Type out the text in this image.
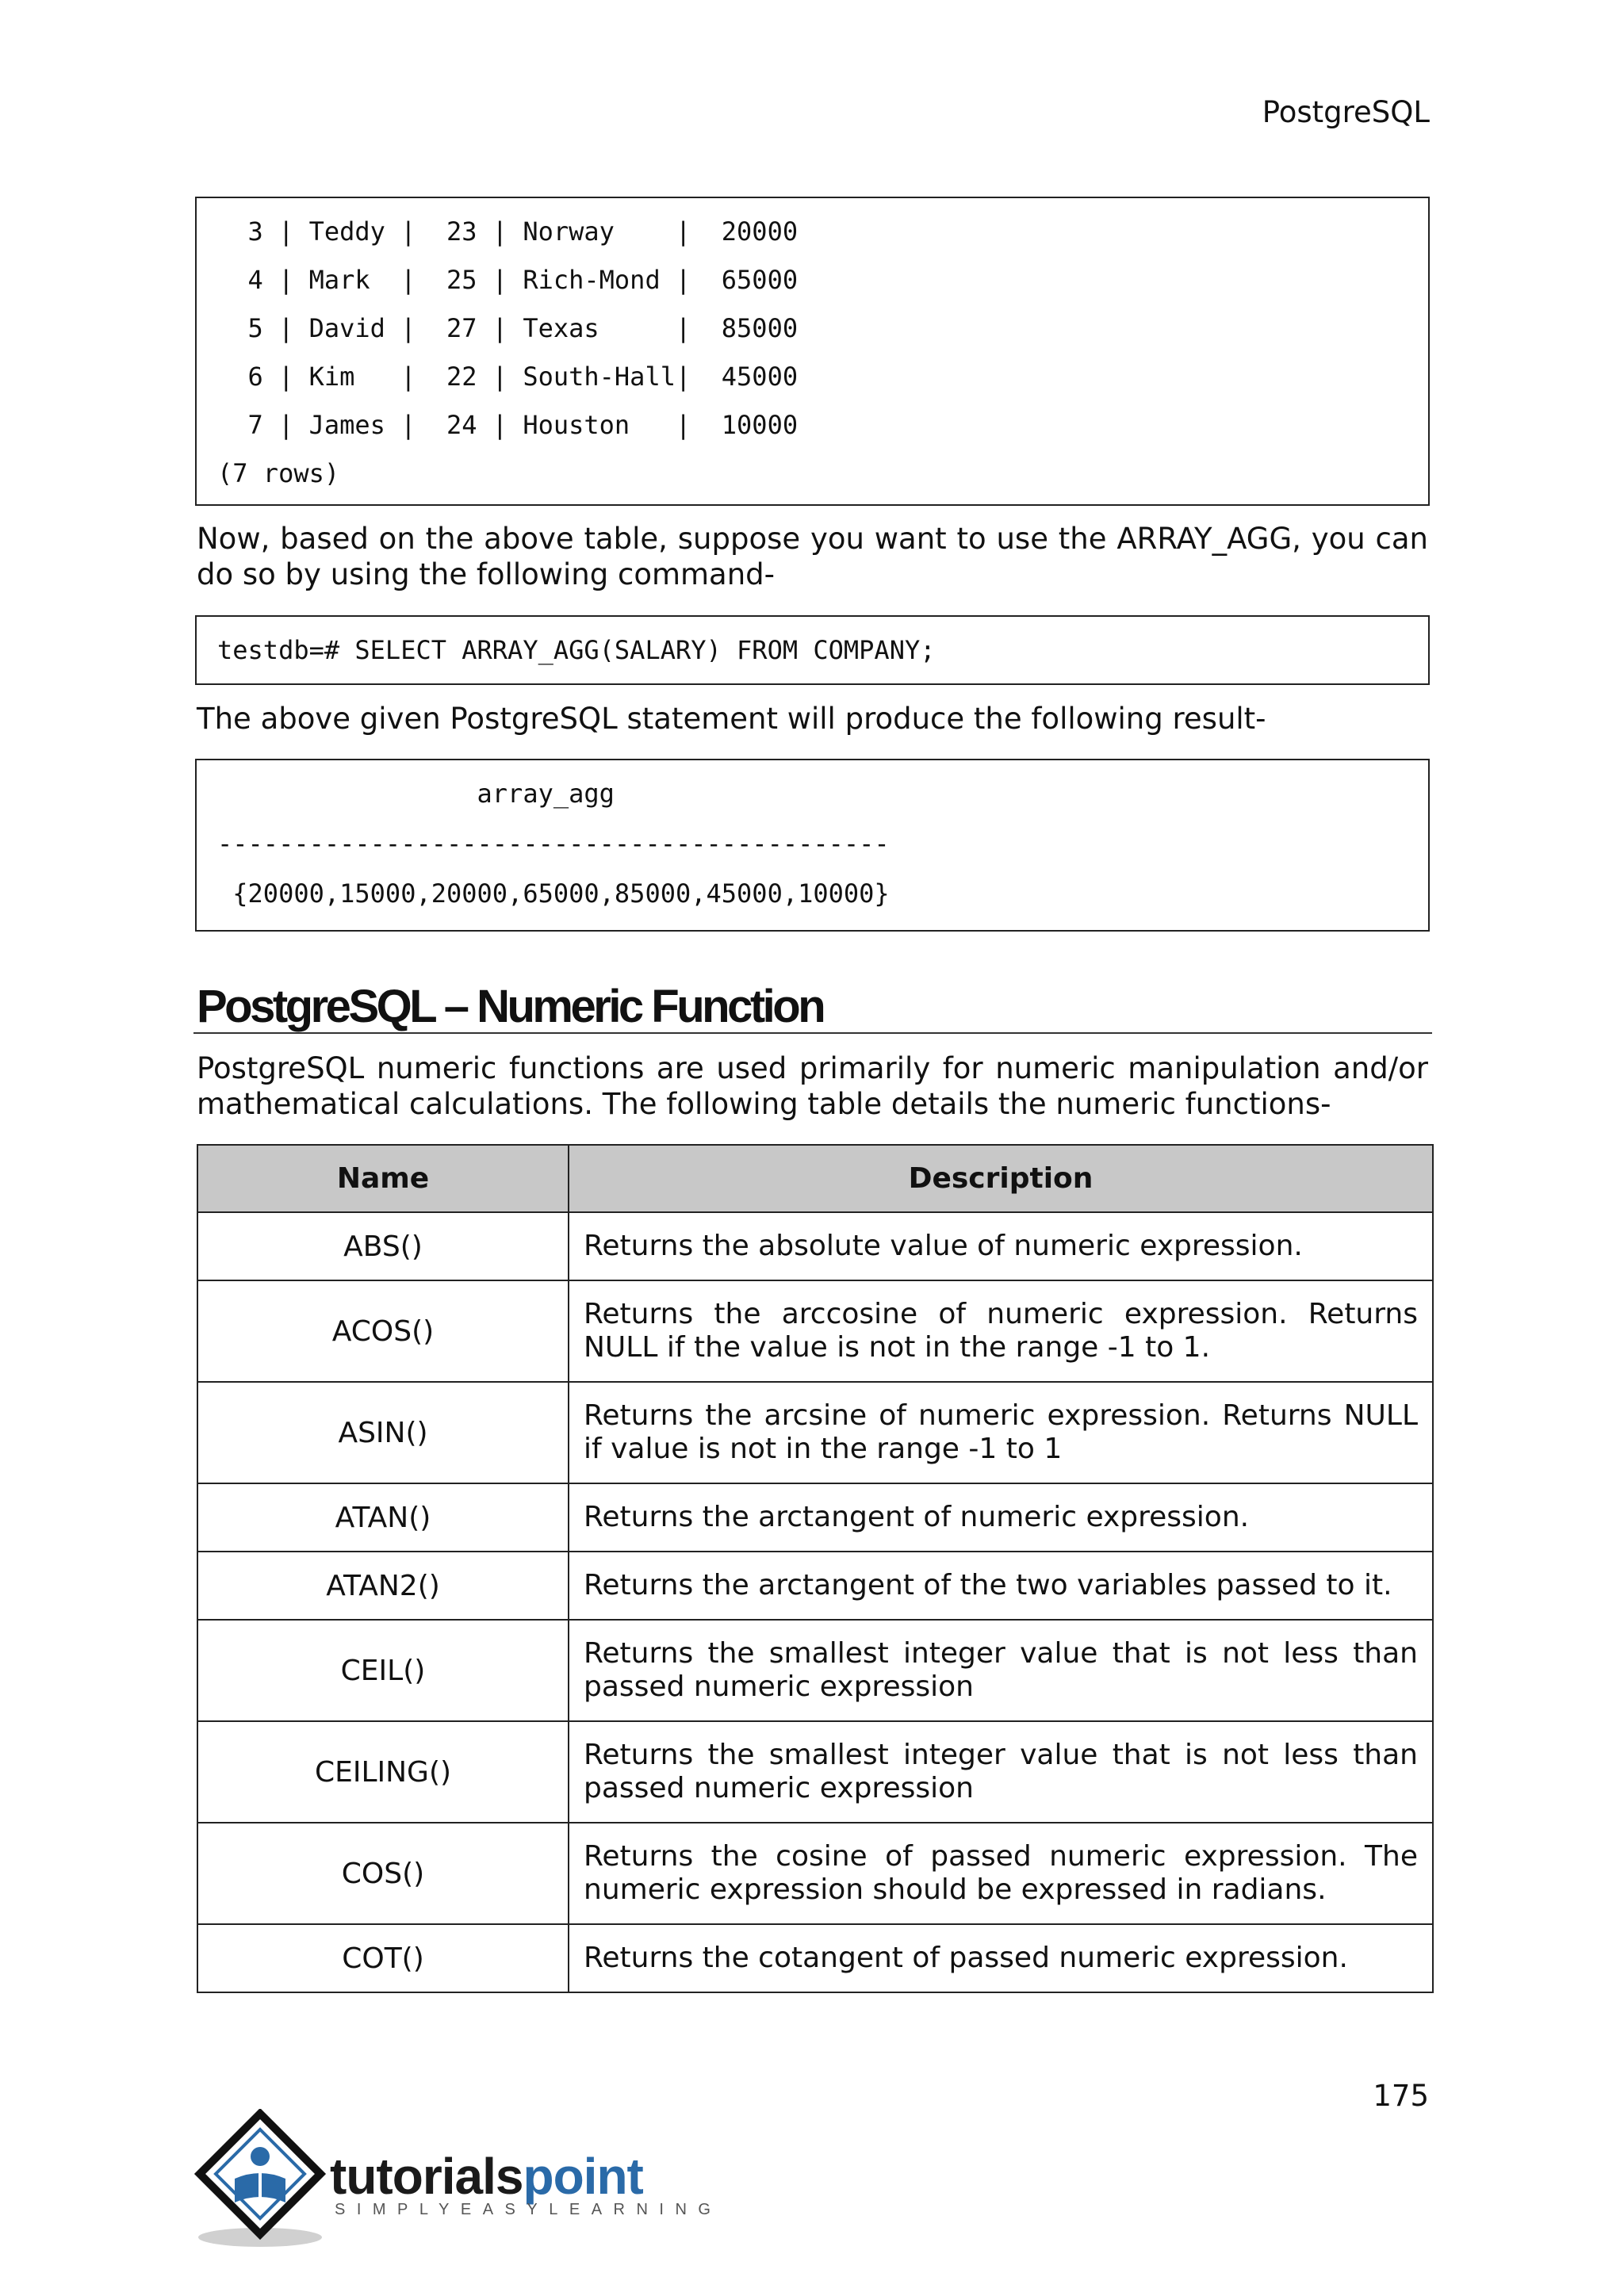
PostgreSQL

3 | Teddy |  23 | Norway    |  20000

4 | Mark  |  25 | Rich-Mond |  65000

5 | David |  27 | Texas     |  85000

6 | Kim   |  22 | South-Hall|  45000

7 | James |  24 | Houston   |  10000

(7 rows)

Now, based on the above table, suppose you want to use the ARRAY_AGG, you can do so by using the following command-

testdb=# SELECT ARRAY_AGG(SALARY) FROM COMPANY;

The above given PostgreSQL statement will produce the following result-

array_agg

--------------------------------------------

{20000,15000,20000,65000,85000,45000,10000}

PostgreSQL – Numeric Function
PostgreSQL numeric functions are used primarily for numeric manipulation and/or mathematical calculations. The following table details the numeric functions-
Name	Description
ABS()	Returns the absolute value of numeric expression.
ACOS()	Returns the arccosine of numeric expression. Returns NULL if the value is not in the range -1 to 1.
ASIN()	Returns the arcsine of numeric expression. Returns NULL if value is not in the range -1 to 1
ATAN()	Returns the arctangent of numeric expression.
ATAN2()	Returns the arctangent of the two variables passed to it.
CEIL()	Returns the smallest integer value that is not less than passed numeric expression
CEILING()	Returns the smallest integer value that is not less than passed numeric expression
COS()	Returns the cosine of passed numeric expression. The numeric expression should be expressed in radians.
COT()	Returns the cotangent of passed numeric expression.
175
tutorialspoint
SIMPLYEASYLEARNING
